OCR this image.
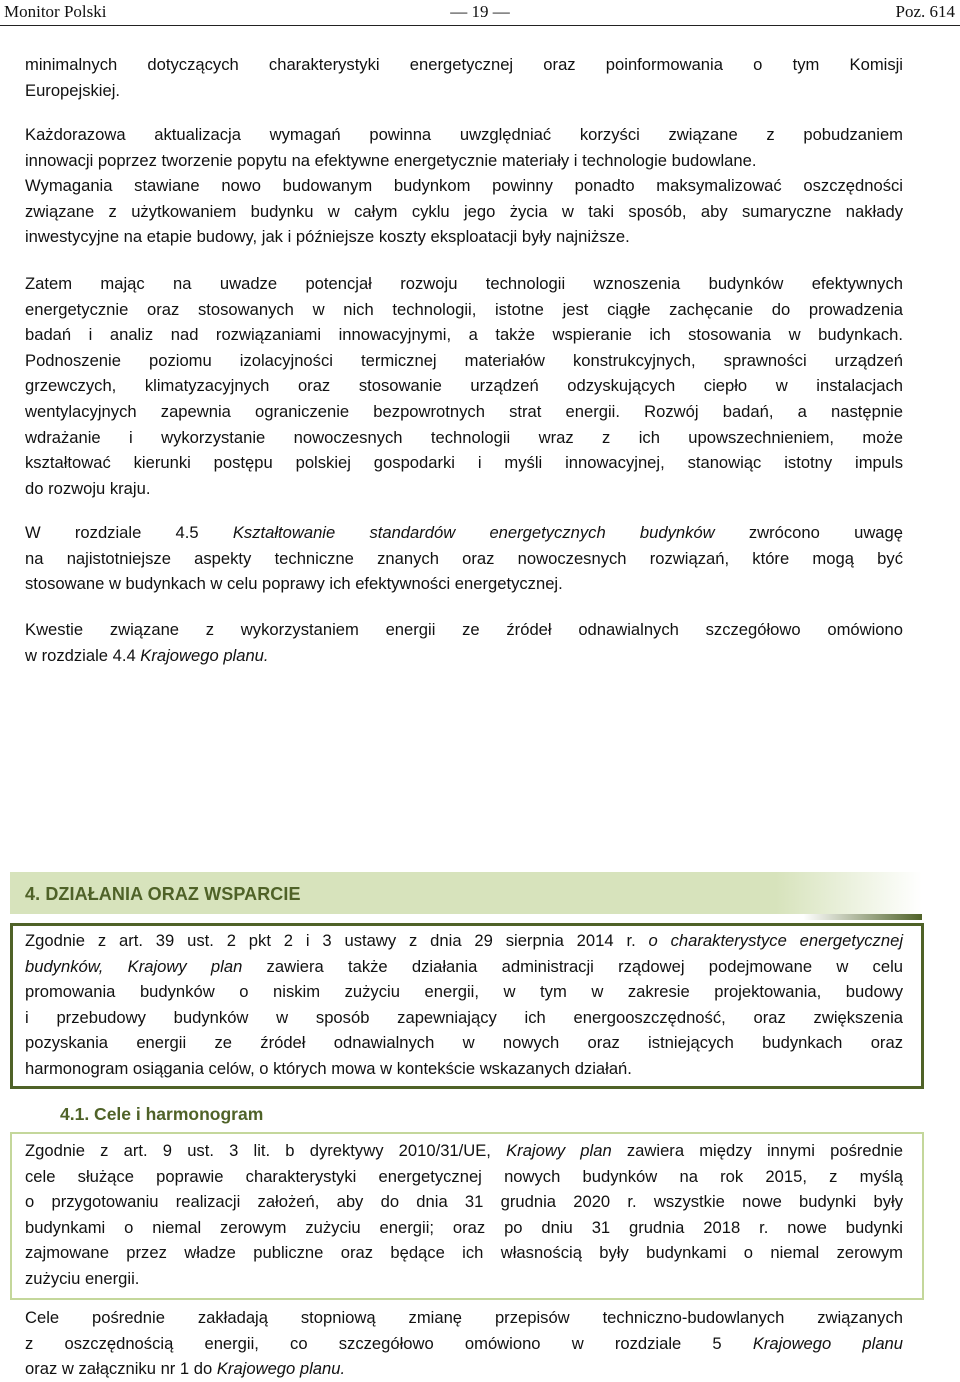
Monitor Polski	— 19 —	Poz. 614
minimalnych dotyczących charakterystyki energetycznej oraz poinformowania o tym Komisji
Europejskiej.
Każdorazowa aktualizacja wymagań powinna uwzględniać korzyści związane z pobudzaniem
innowacji poprzez tworzenie popytu na efektywne energetycznie materiały i technologie budowlane.
Wymagania stawiane nowo budowanym budynkom powinny ponadto maksymalizować oszczędności
związane z użytkowaniem budynku w całym cyklu jego życia w taki sposób, aby sumaryczne nakłady
inwestycyjne na etapie budowy, jak i późniejsze koszty eksploatacji były najniższe.
Zatem mając na uwadze potencjał rozwoju technologii wznoszenia budynków efektywnych
energetycznie oraz stosowanych w nich technologii, istotne jest ciągłe zachęcanie do prowadzenia
badań i analiz nad rozwiązaniami innowacyjnymi, a także wspieranie ich stosowania w budynkach.
Podnoszenie poziomu izolacyjności termicznej materiałów konstrukcyjnych, sprawności urządzeń
grzewczych, klimatyzacyjnych oraz stosowanie urządzeń odzyskujących ciepło w instalacjach
wentylacyjnych zapewnia ograniczenie bezpowrotnych strat energii. Rozwój badań, a następnie
wdrażanie i wykorzystanie nowoczesnych technologii wraz z ich upowszechnieniem, może
kształtować kierunki postępu polskiej gospodarki i myśli innowacyjnej, stanowiąc istotny impuls
do rozwoju kraju.
W rozdziale 4.5 Kształtowanie standardów energetycznych budynków zwrócono uwagę
na najistotniejsze aspekty techniczne znanych oraz nowoczesnych rozwiązań, które mogą być
stosowane w budynkach w celu poprawy ich efektywności energetycznej.
Kwestie związane z wykorzystaniem energii ze źródeł odnawialnych szczegółowo omówiono
w rozdziale 4.4 Krajowego planu.
4. DZIAŁANIA ORAZ WSPARCIE
Zgodnie z art. 39 ust. 2 pkt 2 i 3 ustawy z dnia 29 sierpnia 2014 r. o charakterystyce energetycznej
budynków, Krajowy plan zawiera także działania administracji rządowej podejmowane w celu
promowania budynków o niskim zużyciu energii, w tym w zakresie projektowania, budowy
i przebudowy budynków w sposób zapewniający ich energooszczędność, oraz zwiększenia
pozyskania energii ze źródeł odnawialnych w nowych oraz istniejących budynkach oraz
harmonogram osiągania celów, o których mowa w kontekście wskazanych działań.
4.1. Cele i harmonogram
Zgodnie z art. 9 ust. 3 lit. b dyrektywy 2010/31/UE, Krajowy plan zawiera między innymi pośrednie
cele służące poprawie charakterystyki energetycznej nowych budynków na rok 2015, z myślą
o przygotowaniu realizacji założeń, aby do dnia 31 grudnia 2020 r. wszystkie nowe budynki były
budynkami o niemal zerowym zużyciu energii; oraz po dniu 31 grudnia 2018 r. nowe budynki
zajmowane przez władze publiczne oraz będące ich własnością były budynkami o niemal zerowym
zużyciu energii.
Cele pośrednie zakładają stopniową zmianę przepisów techniczno-budowlanych związanych
z oszczędnością energii, co szczegółowo omówiono w rozdziale 5 Krajowego planu
oraz w załączniku nr 1 do Krajowego planu.
